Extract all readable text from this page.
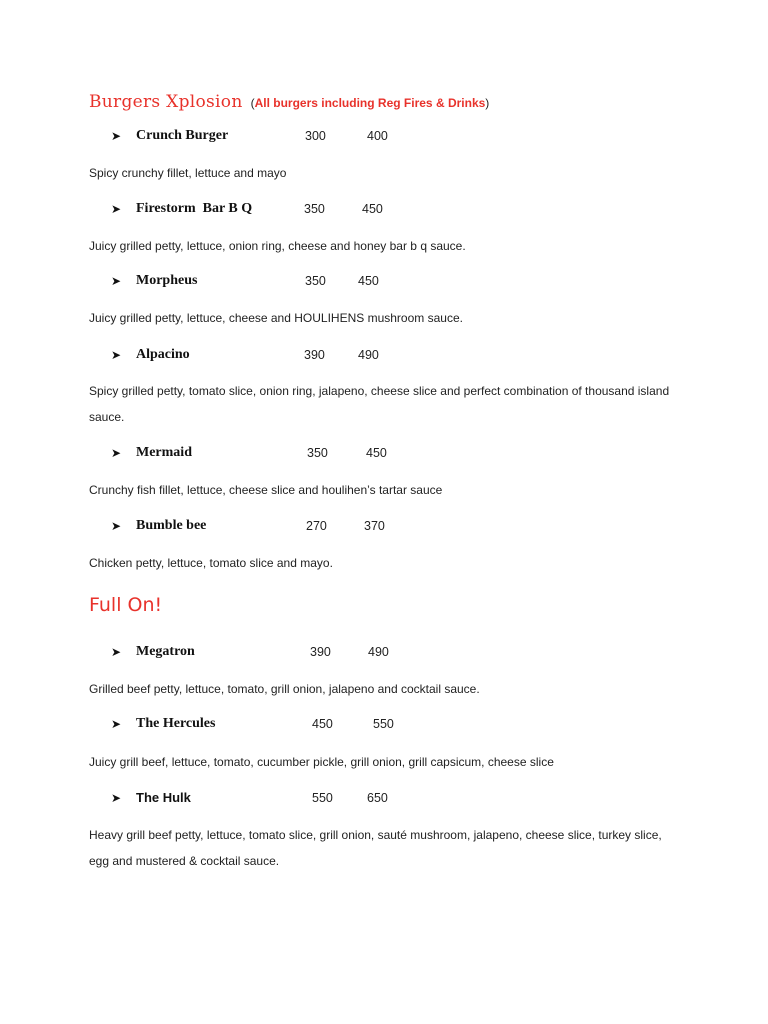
Burgers Xplosion (All burgers including Reg Fires & Drinks)
➤ Crunch Burger	300	400
Spicy crunchy fillet, lettuce and mayo
➤ Firestorm  Bar B Q	350	450
Juicy grilled petty, lettuce, onion ring, cheese and honey bar b q sauce.
➤ Morpheus	350	450
Juicy grilled petty, lettuce, cheese and HOULIHENS mushroom sauce.
➤ Alpacino	390	490
Spicy grilled petty, tomato slice, onion ring, jalapeno, cheese slice and perfect combination of thousand island sauce.
➤ Mermaid	350	450
Crunchy fish fillet, lettuce, cheese slice and houlihen’s tartar sauce
➤ Bumble bee	270	370
Chicken petty, lettuce, tomato slice and mayo.
Full On!
➤ Megatron	390	490
Grilled beef petty, lettuce, tomato, grill onion, jalapeno and cocktail sauce.
➤ The Hercules	450	550
Juicy grill beef, lettuce, tomato, cucumber pickle, grill onion, grill capsicum, cheese slice
➤ The Hulk	550	650
Heavy grill beef petty, lettuce, tomato slice, grill onion, sauté mushroom, jalapeno, cheese slice, turkey slice, egg and mustered & cocktail sauce.
